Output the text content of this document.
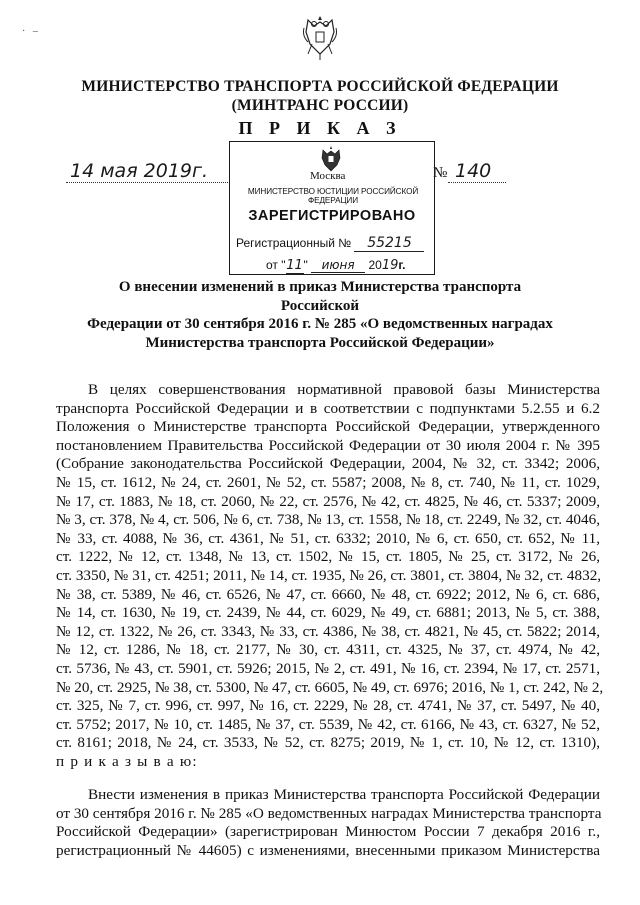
·   –
МИНИСТЕРСТВО ТРАНСПОРТА РОССИЙСКОЙ ФЕДЕРАЦИИ
(МИНТРАНС РОССИИ)
П Р И К А З
14 мая 2019г.	№ 140
Москва
МИНИСТЕРСТВО ЮСТИЦИИ РОССИЙСКОЙ ФЕДЕРАЦИИ
ЗАРЕГИСТРИРОВАНО
Регистрационный № 55215
от "11" июня 2019г.
О внесении изменений в приказ Министерства транспорта Российской
Федерации от 30 сентября 2016 г. № 285 «О ведомственных наградах
Министерства транспорта Российской Федерации»
В целях совершенствования нормативной правовой базы Министерства
транспорта Российской Федерации и в соответствии с подпунктами 5.2.55 и 6.2
Положения о Министерстве транспорта Российской Федерации, утвержденного
постановлением Правительства Российской Федерации от 30 июля 2004 г. № 395
(Собрание законодательства Российской Федерации, 2004, № 32, ст. 3342; 2006,
№ 15, ст. 1612, № 24, ст. 2601, № 52, ст. 5587; 2008, № 8, ст. 740, № 11, ст. 1029,
№ 17, ст. 1883, № 18, ст. 2060, № 22, ст. 2576, № 42, ст. 4825, № 46, ст. 5337; 2009,
№ 3, ст. 378, № 4, ст. 506, № 6, ст. 738, № 13, ст. 1558, № 18, ст. 2249, № 32, ст. 4046,
№ 33, ст. 4088, № 36, ст. 4361, № 51, ст. 6332; 2010, № 6, ст. 650, ст. 652, № 11,
ст. 1222, № 12, ст. 1348, № 13, ст. 1502, № 15, ст. 1805, № 25, ст. 3172, № 26,
ст. 3350, № 31, ст. 4251; 2011, № 14, ст. 1935, № 26, ст. 3801, ст. 3804, № 32, ст. 4832,
№ 38, ст. 5389, № 46, ст. 6526, № 47, ст. 6660, № 48, ст. 6922; 2012, № 6, ст. 686,
№ 14, ст. 1630, № 19, ст. 2439, № 44, ст. 6029, № 49, ст. 6881; 2013, № 5, ст. 388,
№ 12, ст. 1322, № 26, ст. 3343, № 33, ст. 4386, № 38, ст. 4821, № 45, ст. 5822; 2014,
№ 12, ст. 1286, № 18, ст. 2177, № 30, ст. 4311, ст. 4325, № 37, ст. 4974, № 42,
ст. 5736, № 43, ст. 5901, ст. 5926; 2015, № 2, ст. 491, № 16, ст. 2394, № 17, ст. 2571,
№ 20, ст. 2925, № 38, ст. 5300, № 47, ст. 6605, № 49, ст. 6976; 2016, № 1, ст. 242, № 2,
ст. 325, № 7, ст. 996, ст. 997, № 16, ст. 2229, № 28, ст. 4741, № 37, ст. 5497, № 40,
ст. 5752; 2017, № 10, ст. 1485, № 37, ст. 5539, № 42, ст. 6166, № 43, ст. 6327, № 52,
ст. 8161; 2018, № 24, ст. 3533, № 52, ст. 8275; 2019, № 1, ст. 10, № 12, ст. 1310),
п р и к а з ы в а ю:
Внести изменения в приказ Министерства транспорта Российской Федерации
от 30 сентября 2016 г. № 285 «О ведомственных наградах Министерства транспорта
Российской Федерации» (зарегистрирован Минюстом России 7 декабря 2016 г.,
регистрационный № 44605) с изменениями, внесенными приказом Министерства
